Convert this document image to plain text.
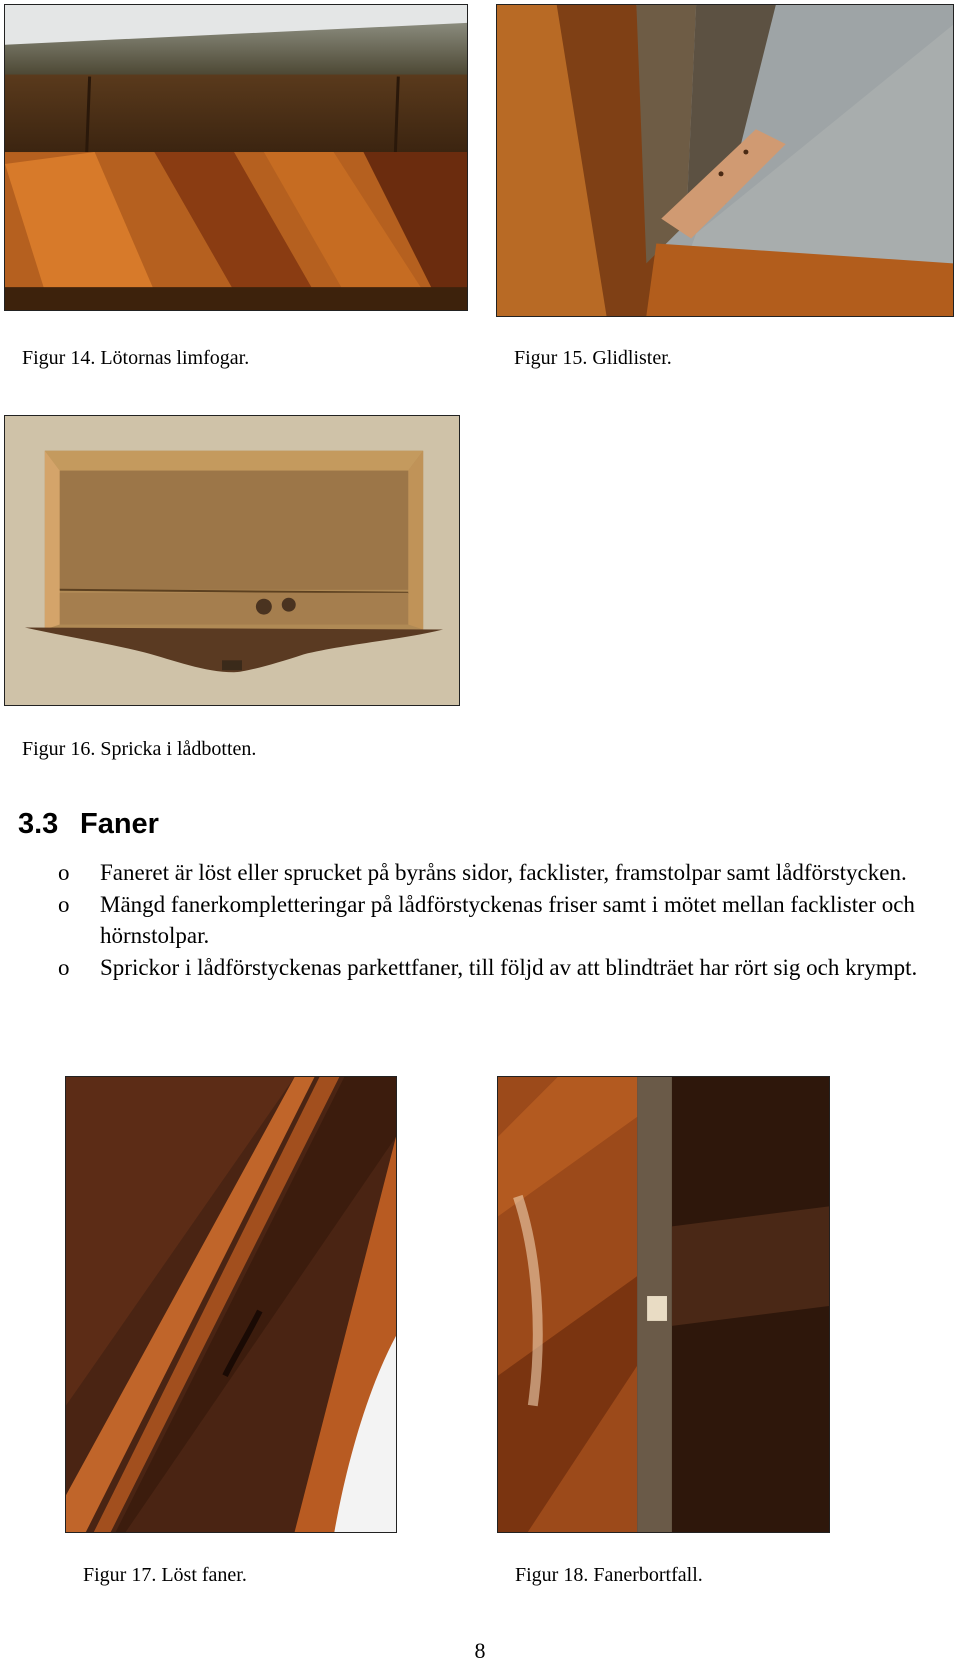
Figur 14. Lötornas limfogar.	Figur 15. Glidlister.
Figur 16. Spricka i lådbotten.
3.3 Faner
o Faneret är löst eller sprucket på byråns sidor, facklister, framstolpar samt lådförstycken.
o Mängd fanerkompletteringar på lådförstyckenas friser samt i mötet mellan facklister och hörnstolpar.
o Sprickor i lådförstyckenas parkettfaner, till följd av att blindträet har rört sig och krympt.
Figur 17. Löst faner.	Figur 18. Fanerbortfall.
8
